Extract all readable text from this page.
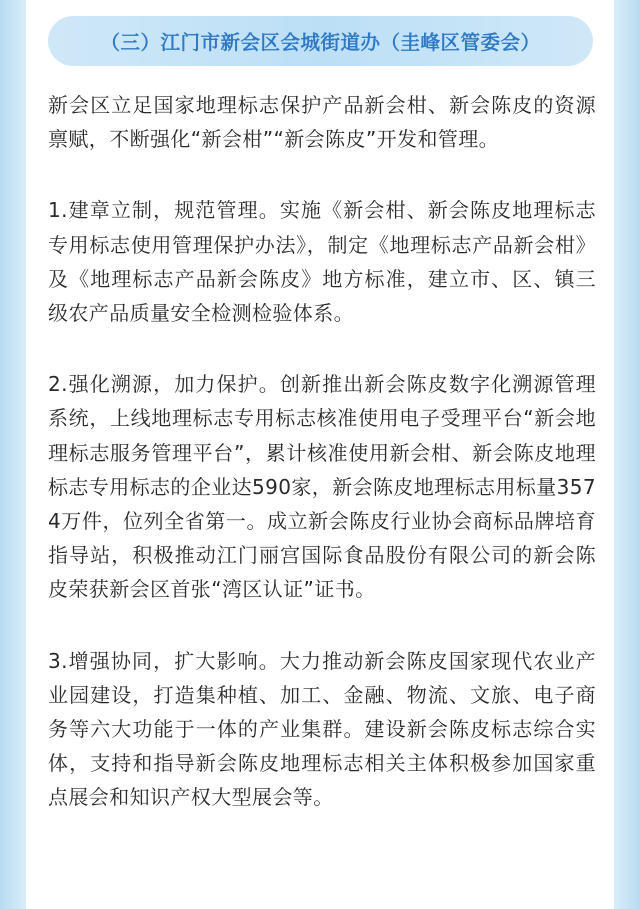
（三）江门市新会区会城街道办（圭峰区管委会）

新会区立足国家地理标志保护产品新会柑、新会陈皮的资源禀赋，不断强化“新会柑”“新会陈皮”开发和管理。

1.建章立制，规范管理。实施《新会柑、新会陈皮地理标志专用标志使用管理保护办法》，制定《地理标志产品新会柑》及《地理标志产品新会陈皮》地方标准，建立市、区、镇三级农产品质量安全检测检验体系。

2.强化溯源，加力保护。创新推出新会陈皮数字化溯源管理系统，上线地理标志专用标志核准使用电子受理平台“新会地理标志服务管理平台”，累计核准使用新会柑、新会陈皮地理标志专用标志的企业达590家，新会陈皮地理标志用标量3574万件，位列全省第一。成立新会陈皮行业协会商标品牌培育指导站，积极推动江门丽宫国际食品股份有限公司的新会陈皮荣获新会区首张“湾区认证”证书。

3.增强协同，扩大影响。大力推动新会陈皮国家现代农业产业园建设，打造集种植、加工、金融、物流、文旅、电子商务等六大功能于一体的产业集群。建设新会陈皮标志综合实体，支持和指导新会陈皮地理标志相关主体积极参加国家重点展会和知识产权大型展会等。
